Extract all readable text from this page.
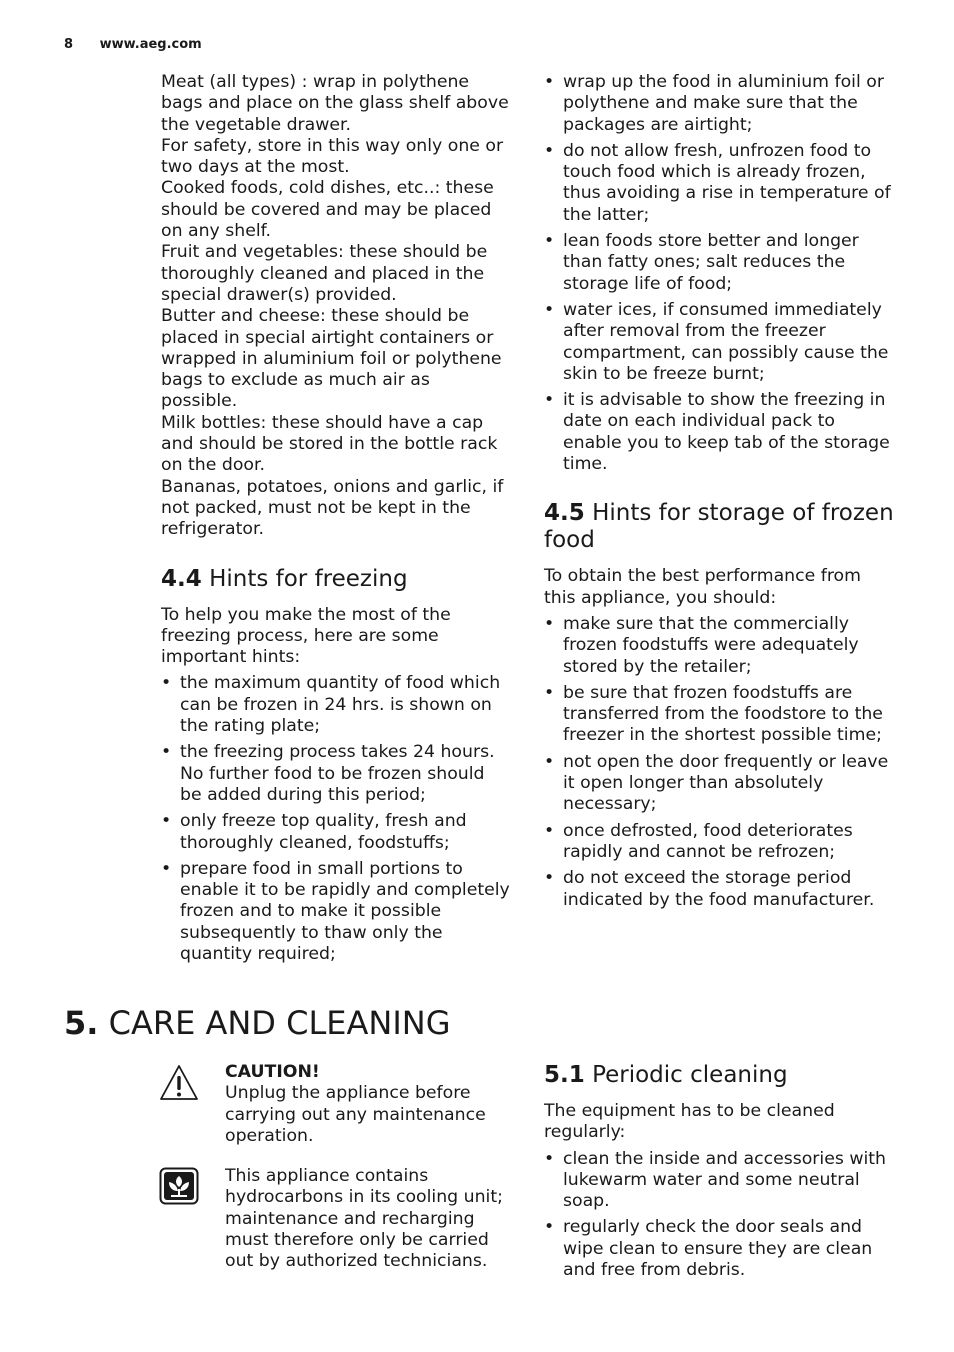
8 www.aeg.com

Meat (all types) : wrap in polythene bags and place on the glass shelf above the vegetable drawer.

For safety, store in this way only one or two days at the most.

Cooked foods, cold dishes, etc..: these should be covered and may be placed on any shelf.

Fruit and vegetables: these should be thoroughly cleaned and placed in the special drawer(s) provided.

Butter and cheese: these should be placed in special airtight containers or wrapped in aluminium foil or polythene bags to exclude as much air as possible.

Milk bottles: these should have a cap and should be stored in the bottle rack on the door.

Bananas, potatoes, onions and garlic, if not packed, must not be kept in the refrigerator.

4.4 Hints for freezing

To help you make the most of the freezing process, here are some important hints:

• the maximum quantity of food which can be frozen in 24 hrs. is shown on the rating plate;
• the freezing process takes 24 hours. No further food to be frozen should be added during this period;
• only freeze top quality, fresh and thoroughly cleaned, foodstuffs;
• prepare food in small portions to enable it to be rapidly and completely frozen and to make it possible subsequently to thaw only the quantity required;
• wrap up the food in aluminium foil or polythene and make sure that the packages are airtight;
• do not allow fresh, unfrozen food to touch food which is already frozen, thus avoiding a rise in temperature of the latter;
• lean foods store better and longer than fatty ones; salt reduces the storage life of food;
• water ices, if consumed immediately after removal from the freezer compartment, can possibly cause the skin to be freeze burnt;
• it is advisable to show the freezing in date on each individual pack to enable you to keep tab of the storage time.
4.5 Hints for storage of frozen food

To obtain the best performance from this appliance, you should:

• make sure that the commercially frozen foodstuffs were adequately stored by the retailer;
• be sure that frozen foodstuffs are transferred from the foodstore to the freezer in the shortest possible time;
• not open the door frequently or leave it open longer than absolutely necessary;
• once defrosted, food deteriorates rapidly and cannot be refrozen;
• do not exceed the storage period indicated by the food manufacturer.
5. CARE AND CLEANING

CAUTION!

Unplug the appliance before carrying out any maintenance operation.

This appliance contains hydrocarbons in its cooling unit; maintenance and recharging must therefore only be carried out by authorized technicians.

5.1 Periodic cleaning

The equipment has to be cleaned regularly:

• clean the inside and accessories with lukewarm water and some neutral soap.
• regularly check the door seals and wipe clean to ensure they are clean and free from debris.
